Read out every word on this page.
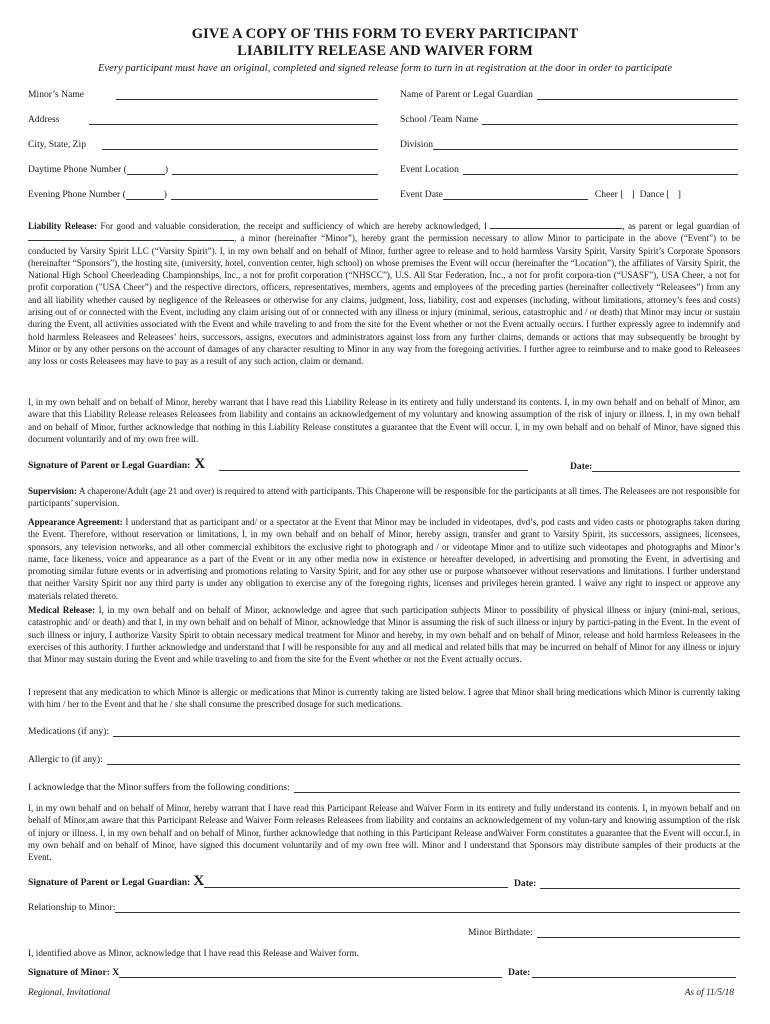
GIVE A COPY OF THIS FORM TO EVERY PARTICIPANT
LIABILITY RELEASE AND WAIVER FORM
Every participant must have an original, completed and signed release form to turn in at registration at the door in order to participate
Minor’s Name	Name of Parent or Legal Guardian
Address	School /Team Name
City, State, Zip	Division
Daytime Phone Number (	)	Event Location
Evening Phone Number (	)	Event Date	Cheer [ ] Dance [ ]
Liability Release: For good and valuable consideration, the receipt and sufficiency of which are hereby acknowledged, I	, as parent or legal guardian of , a minor (hereinafter “Minor”), hereby grant the permission necessary to allow Minor to participate in the above (“Event”) to be conducted by Varsity Spirit LLC (“Varsity Spirit”). I, in my own behalf and on behalf of Minor, further agree to release and to hold harmless Varsity Spirit, Varsity Spirit’s Corporate Sponsors (hereinafter “Sponsors”), the hosting site, (university, hotel, convention center, high school) on whose premises the Event will occur (hereinafter the “Location”), the affiliates of Varsity Spirit, the National High School Cheerleading Championships, Inc., a not for profit corporation (“NHSCC”), U.S. All Star Federation, Inc., a not for profit corpora-tion (“USASF”), USA Cheer, a not for profit corporation ("USA Cheer”) and the respective directors, officers, representatives, members, agents and employees of the preceding parties (hereinafter collectively “Releasees”) from any and all liability whether caused by negligence of the Releasees or otherwise for any claims, judgment, loss, liability, cost and expenses (including, without limitations, attorney’s fees and costs) arising out of or connected with the Event, including any claim arising out of or connected with any illness or injury (minimal, serious, catastrophic and / or death) that Minor may incur or sustain during the Event, all activities associated with the Event and while traveling to and from the site for the Event whether or not the Event actually occurs. I further expressly agree to indemnify and hold harmless Releasees and Releasees’ heirs, successors, assigns, executors and administrators against loss from any further claims, demands or actions that may subsequently be brought by Minor or by any other persons on the account of damages of any character resulting to Minor in any way from the foregoing activities. I further agree to reimburse and to make good to Releasees any loss or costs Releasees may have to pay as a result of any such action, claim or demand.
I, in my own behalf and on behalf of Minor, hereby warrant that I have read this Liability Release in its entirety and fully understand its contents. I, in my own behalf and on behalf of Minor, am aware that this Liability Release releases Releasees from liability and contains an acknowledgement of my voluntary and knowing assumption of the risk of injury or illness. I, in my own behalf and on behalf of Minor, further acknowledge that nothing in this Liability Release constitutes a guarantee that the Event will occur. I, in my own behalf and on behalf of Minor, have signed this document voluntarily and of my own free will.
Signature of Parent or Legal Guardian: X	Date:
Supervision: A chaperone/Adult (age 21 and over) is required to attend with participants. This Chaperone will be responsible for the participants at all times. The Releasees are not responsible for participants’ supervision.
Appearance Agreement: I understand that as participant and/ or a spectator at the Event that Minor may be included in videotapes, dvd’s, pod casts and video casts or photographs taken during the Event. Therefore, without reservation or limitations, I, in my own behalf and on behalf of Minor, hereby assign, transfer and grant to Varsity Spirit, its successors, assignees, licensees, sponsors, any television networks, and all other commercial exhibitors the exclusive right to photograph and / or videotape Minor and to utilize such videotapes and photographs and Minor’s name, face likeness, voice and appearance as a part of the Event or in any other media now in existence or hereafter developed, in advertising and promoting the Event, in advertising and promoting similar future events or in advertising and promotions relating to Varsity Spirit, and for any other use or purpose whatsoever without reservations and limitations. I further understand that neither Varsity Spirit nor any third party is under any obligation to exercise any of the foregoing rights, licenses and privileges herein granted. I waive any right to inspect or approve any materials related thereto.
Medical Release: I, in my own behalf and on behalf of Minor, acknowledge and agree that such participation subjects Minor to possibility of physical illness or injury (mini-mal, serious, catastrophic and/ or death) and that I, in my own behalf and on behalf of Minor, acknowledge that Minor is assuming the risk of such illness or injury by partici-pating in the Event. In the event of such illness or injury, I authorize Varsity Spirit to obtain necessary medical treatment for Minor and hereby, in my own behalf and on behalf of Minor, release and hold harmless Releasees in the exercises of this authority. I further acknowledge and understand that I will be responsible for any and all medical and related bills that may be incurred on behalf of Minor for any illness or injury that Minor may sustain during the Event and while traveling to and from the site for the Event whether or not the Event actually occurs.
I represent that any medication to which Minor is allergic or medications that Minor is currently taking are listed below. I agree that Minor shall bring medications which Minor is currently taking with him / her to the Event and that he / she shall consume the prescribed dosage for such medications.
Medications (if any):
Allergic to (if any):
I acknowledge that the Minor suffers from the following conditions:
I, in my own behalf and on behalf of Minor, hereby warrant that I have read this Participant Release and Waiver Form in its entirety and fully understand its contents. I, in myown behalf and on behalf of Minor,am aware that this Participant Release and Waiver Form releases Releasees from liability and contains an acknowledgement of my volun-tary and knowing assumption of the risk of injury or illness. I, in my own behalf and on behalf of Minor, further acknowledge that nothing in this Participant Release andWaiver Form constitutes a guarantee that the Event will occur.I, in my own behalf and on behalf of Minor, have signed this document voluntarily and of my own free will. Minor and I understand that Sponsors may distribute samples of their products at the Event.
Signature of Parent or Legal Guardian: X	Date:
Relationship to Minor:
Minor Birthdate:
I, identified above as Minor, acknowledge that I have read this Release and Waiver form.
Signature of Minor: X	Date:
Regional, Invitational	As of 11/5/18
